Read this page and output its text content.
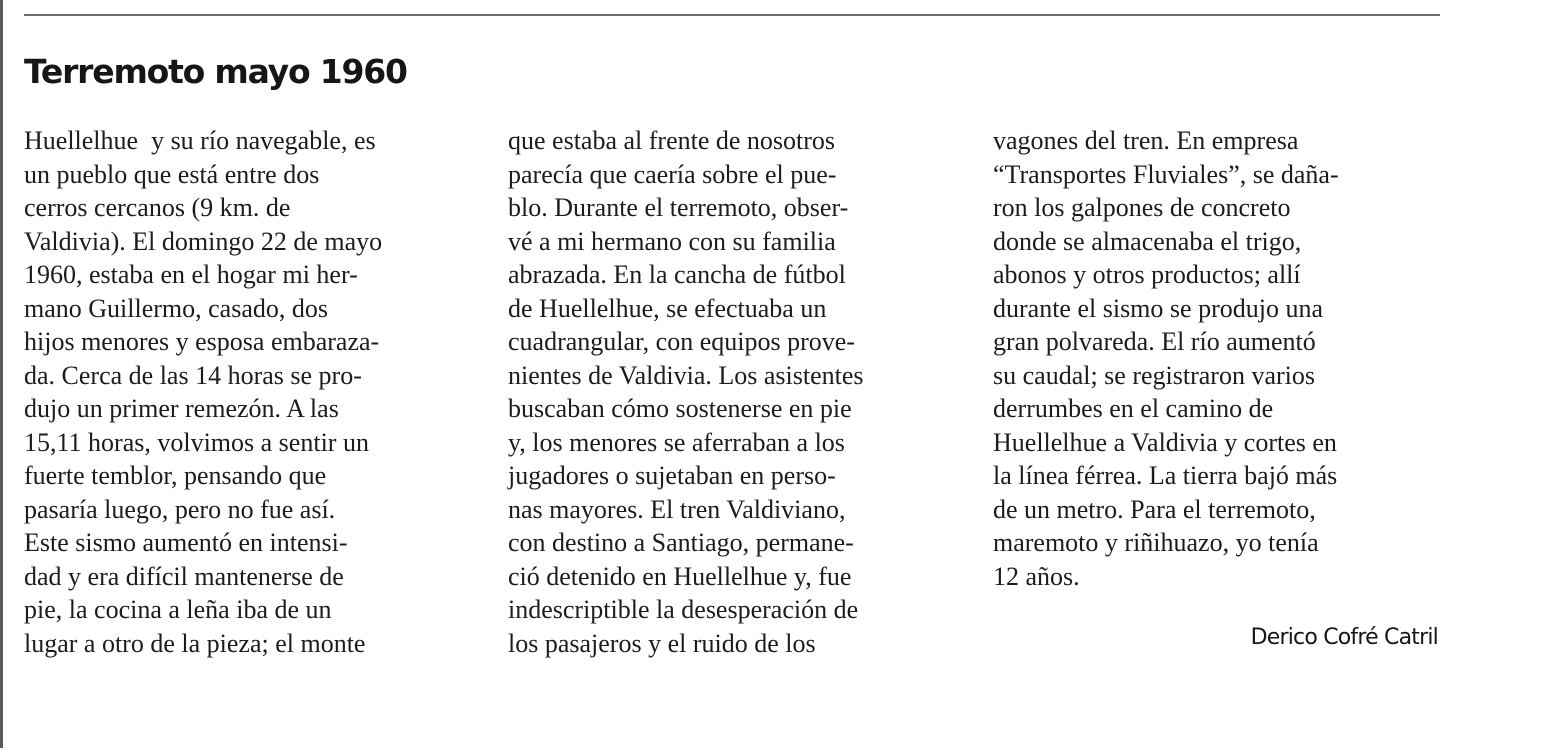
Terremoto mayo 1960
Huellelhue  y su río navegable, es
un pueblo que está entre dos
cerros cercanos (9 km. de
Valdivia). El domingo 22 de mayo
1960, estaba en el hogar mi her-
mano Guillermo, casado, dos
hijos menores y esposa embaraza-
da. Cerca de las 14 horas se pro-
dujo un primer remezón. A las
15,11 horas, volvimos a sentir un
fuerte temblor, pensando que
pasaría luego, pero no fue así.
Este sismo aumentó en intensi-
dad y era difícil mantenerse de
pie, la cocina a leña iba de un
lugar a otro de la pieza; el monte
que estaba al frente de nosotros
parecía que caería sobre el pue-
blo. Durante el terremoto, obser-
vé a mi hermano con su familia
abrazada. En la cancha de fútbol
de Huellelhue, se efectuaba un
cuadrangular, con equipos prove-
nientes de Valdivia. Los asistentes
buscaban cómo sostenerse en pie
y, los menores se aferraban a los
jugadores o sujetaban en perso-
nas mayores. El tren Valdiviano,
con destino a Santiago, permane-
ció detenido en Huellelhue y, fue
indescriptible la desesperación de
los pasajeros y el ruido de los
vagones del tren. En empresa
“Transportes Fluviales”, se daña-
ron los galpones de concreto
donde se almacenaba el trigo,
abonos y otros productos; allí
durante el sismo se produjo una
gran polvareda. El río aumentó
su caudal; se registraron varios
derrumbes en el camino de
Huellelhue a Valdivia y cortes en
la línea férrea. La tierra bajó más
de un metro. Para el terremoto,
maremoto y riñihuazo, yo tenía
12 años.
Derico Cofré Catril
